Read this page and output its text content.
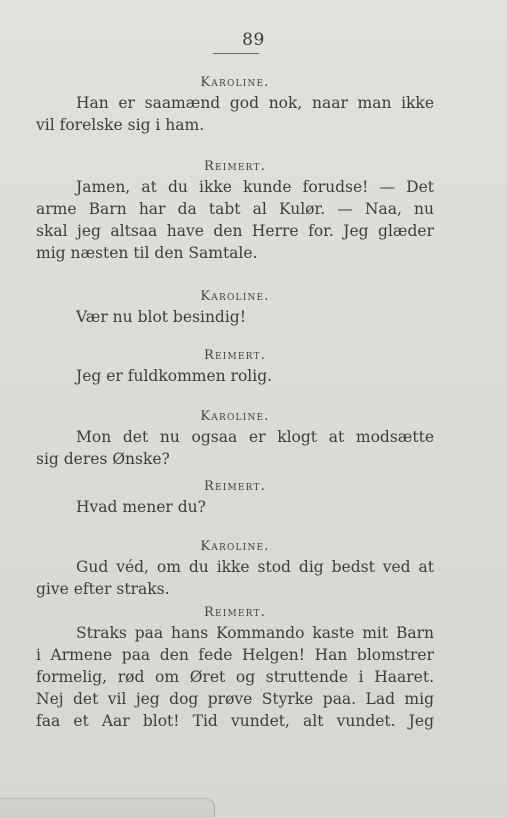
89
Karoline.
Han er saamænd god nok, naar man ikke
vil forelske sig i ham.
Reimert.
Jamen, at du ikke kunde forudse! — Det
arme Barn har da tabt al Kulør. — Naa, nu
skal jeg altsaa have den Herre for. Jeg glæder
mig næsten til den Samtale.
Karoline.
Vær nu blot besindig!
Reimert.
Jeg er fuldkommen rolig.
Karoline.
Mon det nu ogsaa er klogt at modsætte
sig deres Ønske?
Reimert.
Hvad mener du?
Karoline.
Gud véd, om du ikke stod dig bedst ved at
give efter straks.
Reimert.
Straks paa hans Kommando kaste mit Barn
i Armene paa den fede Helgen! Han blomstrer
formelig, rød om Øret og struttende i Haaret.
Nej det vil jeg dog prøve Styrke paa. Lad mig
faa et Aar blot! Tid vundet, alt vundet. Jeg
